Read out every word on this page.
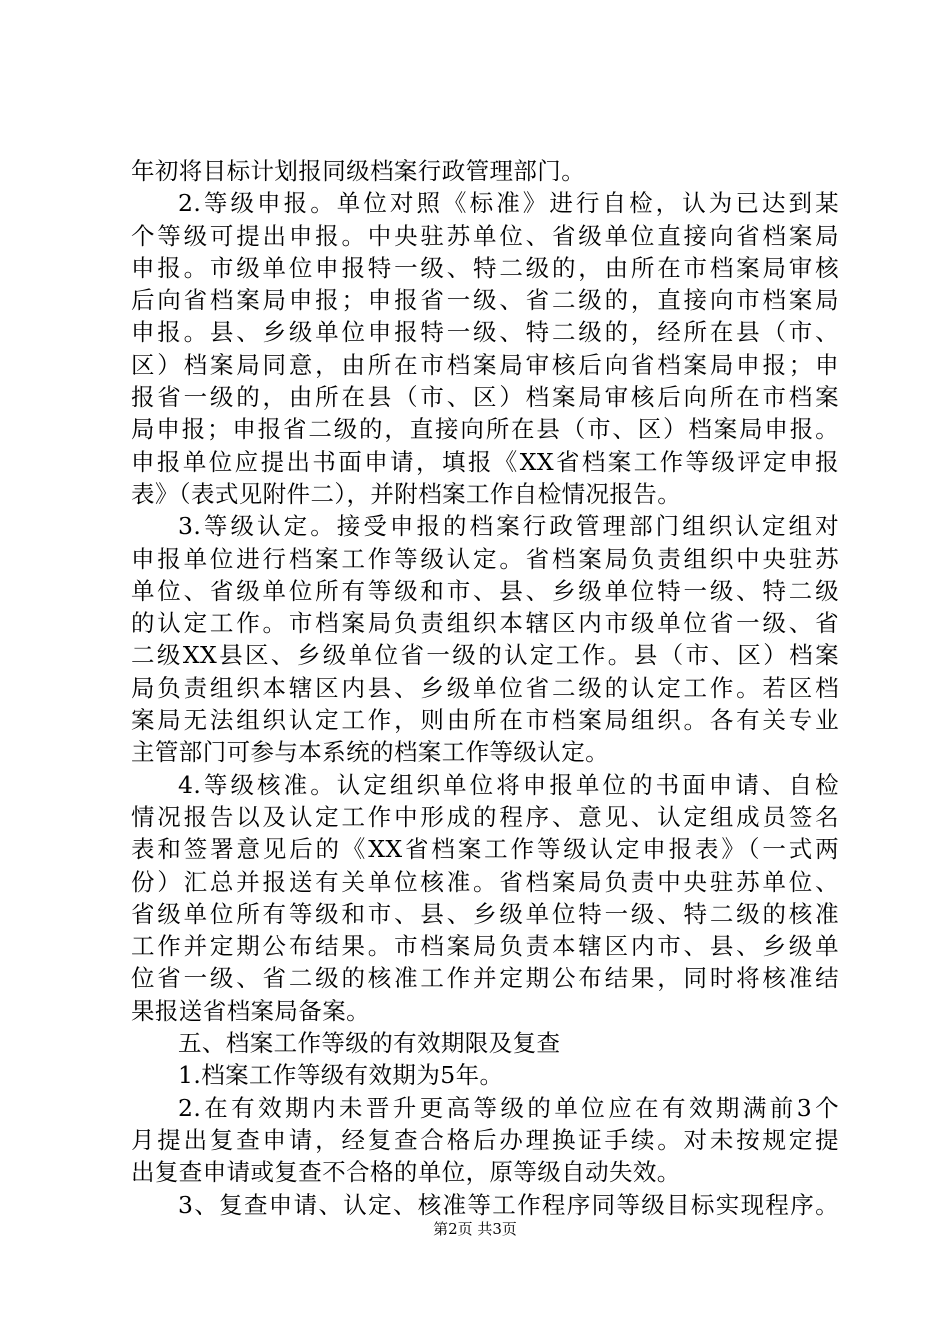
年初将目标计划报同级档案行政管理部门。
2.等级申报。单位对照《标准》进行自检，认为已达到某
个等级可提出申报。中央驻苏单位、省级单位直接向省档案局
申报。市级单位申报特一级、特二级的，由所在市档案局审核
后向省档案局申报；申报省一级、省二级的，直接向市档案局
申报。县、乡级单位申报特一级、特二级的，经所在县（市、
区）档案局同意，由所在市档案局审核后向省档案局申报；申
报省一级的，由所在县（市、区）档案局审核后向所在市档案
局申报；申报省二级的，直接向所在县（市、区）档案局申报。
申报单位应提出书面申请，填报《XX省档案工作等级评定申报
表》（表式见附件二），并附档案工作自检情况报告。
3.等级认定。接受申报的档案行政管理部门组织认定组对
申报单位进行档案工作等级认定。省档案局负责组织中央驻苏
单位、省级单位所有等级和市、县、乡级单位特一级、特二级
的认定工作。市档案局负责组织本辖区内市级单位省一级、省
二级XX县区、乡级单位省一级的认定工作。县（市、区）档案
局负责组织本辖区内县、乡级单位省二级的认定工作。若区档
案局无法组织认定工作，则由所在市档案局组织。各有关专业
主管部门可参与本系统的档案工作等级认定。
4.等级核准。认定组织单位将申报单位的书面申请、自检
情况报告以及认定工作中形成的程序、意见、认定组成员签名
表和签署意见后的《XX省档案工作等级认定申报表》（一式两
份）汇总并报送有关单位核准。省档案局负责中央驻苏单位、
省级单位所有等级和市、县、乡级单位特一级、特二级的核准
工作并定期公布结果。市档案局负责本辖区内市、县、乡级单
位省一级、省二级的核准工作并定期公布结果，同时将核准结
果报送省档案局备案。
五、档案工作等级的有效期限及复查
1.档案工作等级有效期为5年。
2.在有效期内未晋升更高等级的单位应在有效期满前3个
月提出复查申请，经复查合格后办理换证手续。对未按规定提
出复查申请或复查不合格的单位，原等级自动失效。
3、复查申请、认定、核准等工作程序同等级目标实现程序。
第2页 共3页
